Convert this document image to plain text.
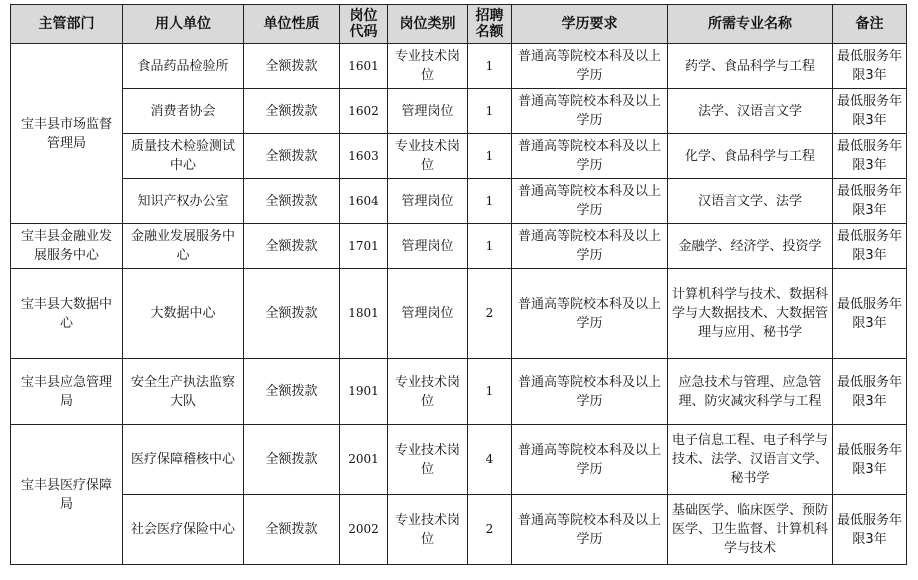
主管部门	用人单位	单位性质	岗位代码	岗位类别	招聘名额	学历要求	所需专业名称	备注
宝丰县市场监督管理局	食品药品检验所	全额拨款	1601	专业技术岗位	1	普通高等院校本科及以上学历	药学、食品科学与工程	最低服务年限3年
	消费者协会	全额拨款	1602	管理岗位	1	普通高等院校本科及以上学历	法学、汉语言文学	最低服务年限3年
	质量技术检验测试中心	全额拨款	1603	专业技术岗位	1	普通高等院校本科及以上学历	化学、食品科学与工程	最低服务年限3年
	知识产权办公室	全额拨款	1604	管理岗位	1	普通高等院校本科及以上学历	汉语言文学、法学	最低服务年限3年
宝丰县金融业发展服务中心	金融业发展服务中心	全额拨款	1701	管理岗位	1	普通高等院校本科及以上学历	金融学、经济学、投资学	最低服务年限3年
宝丰县大数据中心	大数据中心	全额拨款	1801	管理岗位	2	普通高等院校本科及以上学历	计算机科学与技术、数据科学与大数据技术、大数据管理与应用、秘书学	最低服务年限3年
宝丰县应急管理局	安全生产执法监察大队	全额拨款	1901	专业技术岗位	1	普通高等院校本科及以上学历	应急技术与管理、应急管理、防灾减灾科学与工程	最低服务年限3年
宝丰县医疗保障局	医疗保障稽核中心	全额拨款	2001	专业技术岗位	4	普通高等院校本科及以上学历	电子信息工程、电子科学与技术、法学、汉语言文学、秘书学	最低服务年限3年
	社会医疗保险中心	全额拨款	2002	专业技术岗位	2	普通高等院校本科及以上学历	基础医学、临床医学、预防医学、卫生监督、计算机科学与技术	最低服务年限3年
